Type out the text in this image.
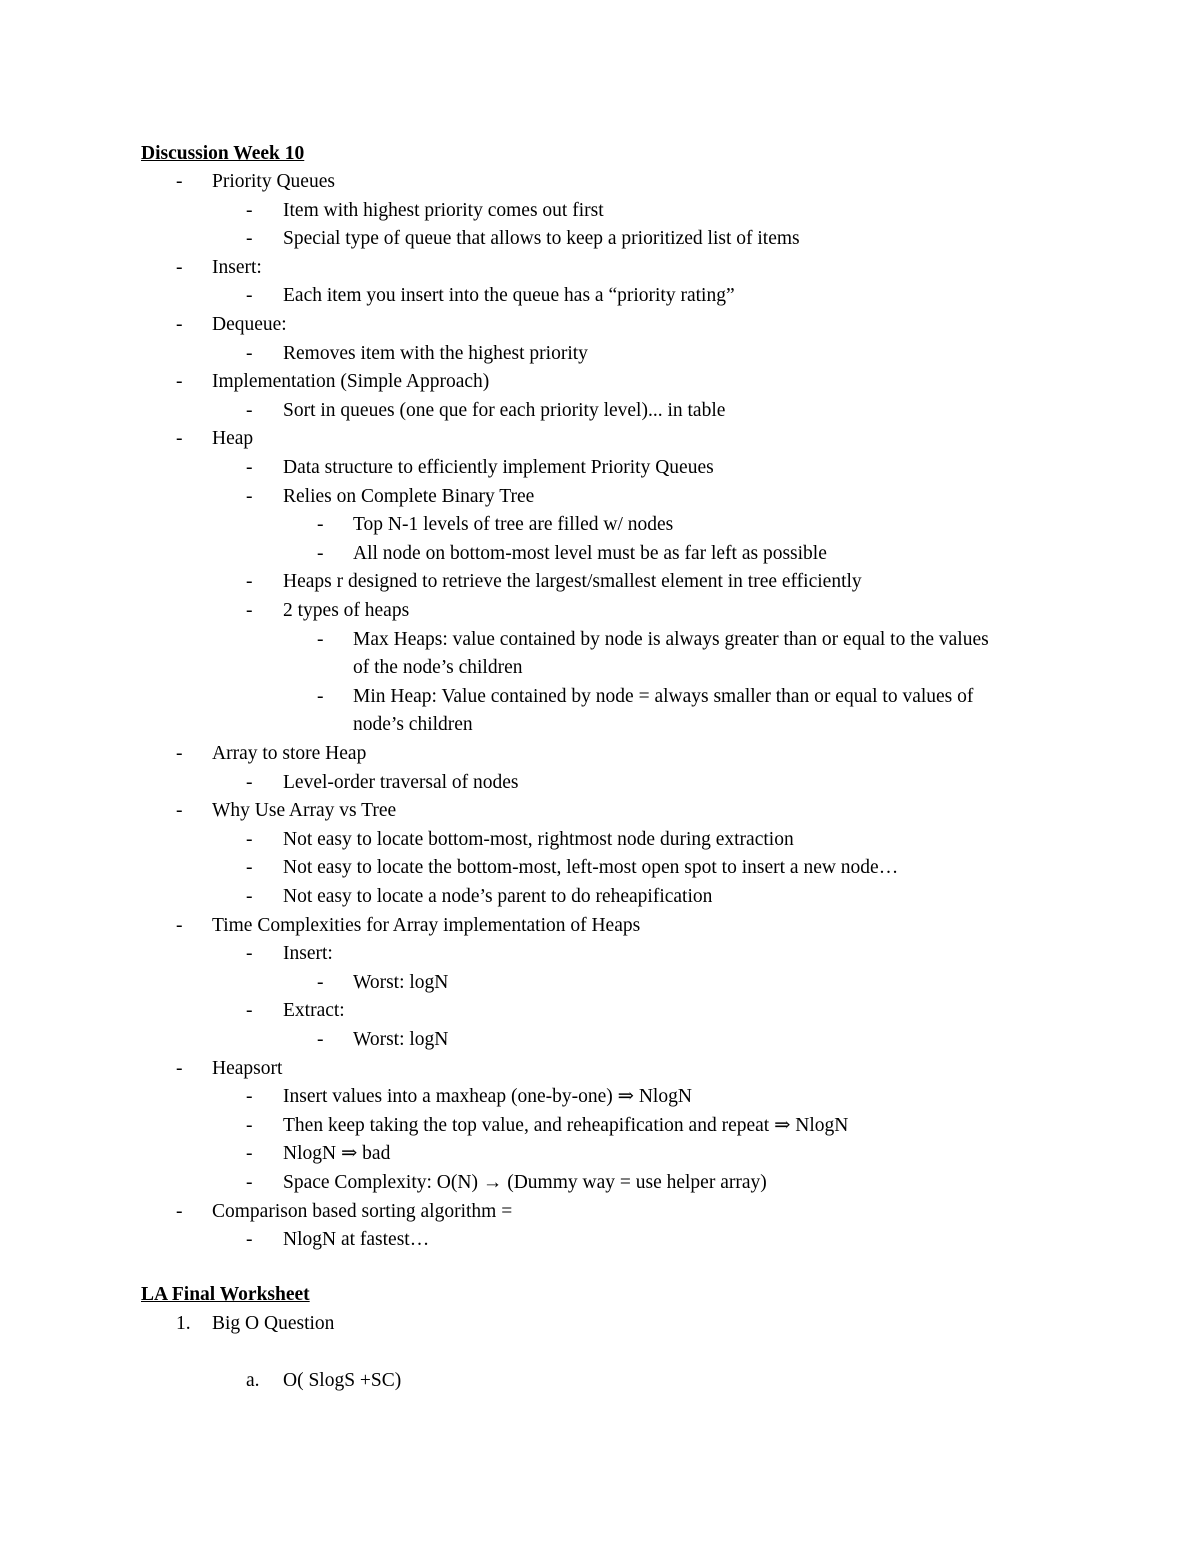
Discussion Week 10
- Priority Queues
- Item with highest priority comes out first
- Special type of queue that allows to keep a prioritized list of items
- Insert:
- Each item you insert into the queue has a “priority rating”
- Dequeue:
- Removes item with the highest priority
- Implementation (Simple Approach)
- Sort in queues (one que for each priority level)... in table
- Heap
- Data structure to efficiently implement Priority Queues
- Relies on Complete Binary Tree
- Top N-1 levels of tree are filled w/ nodes
- All node on bottom-most level must be as far left as possible
- Heaps r designed to retrieve the largest/smallest element in tree efficiently
- 2 types of heaps
- Max Heaps: value contained by node is always greater than or equal to the values
of the node’s children
- Min Heap: Value contained by node = always smaller than or equal to values of
node’s children
- Array to store Heap
- Level-order traversal of nodes
- Why Use Array vs Tree
- Not easy to locate bottom-most, rightmost node during extraction
- Not easy to locate the bottom-most, left-most open spot to insert a new node…
- Not easy to locate a node’s parent to do reheapification
- Time Complexities for Array implementation of Heaps
- Insert:
- Worst: logN
- Extract:
- Worst: logN
- Heapsort
- Insert values into a maxheap (one-by-one) ⇒ NlogN
- Then keep taking the top value, and reheapification and repeat ⇒ NlogN
- NlogN ⇒ bad
- Space Complexity: O(N) → (Dummy way = use helper array)
- Comparison based sorting algorithm =
- NlogN at fastest…
LA Final Worksheet
1. Big O Question
a. O( SlogS +SC)
